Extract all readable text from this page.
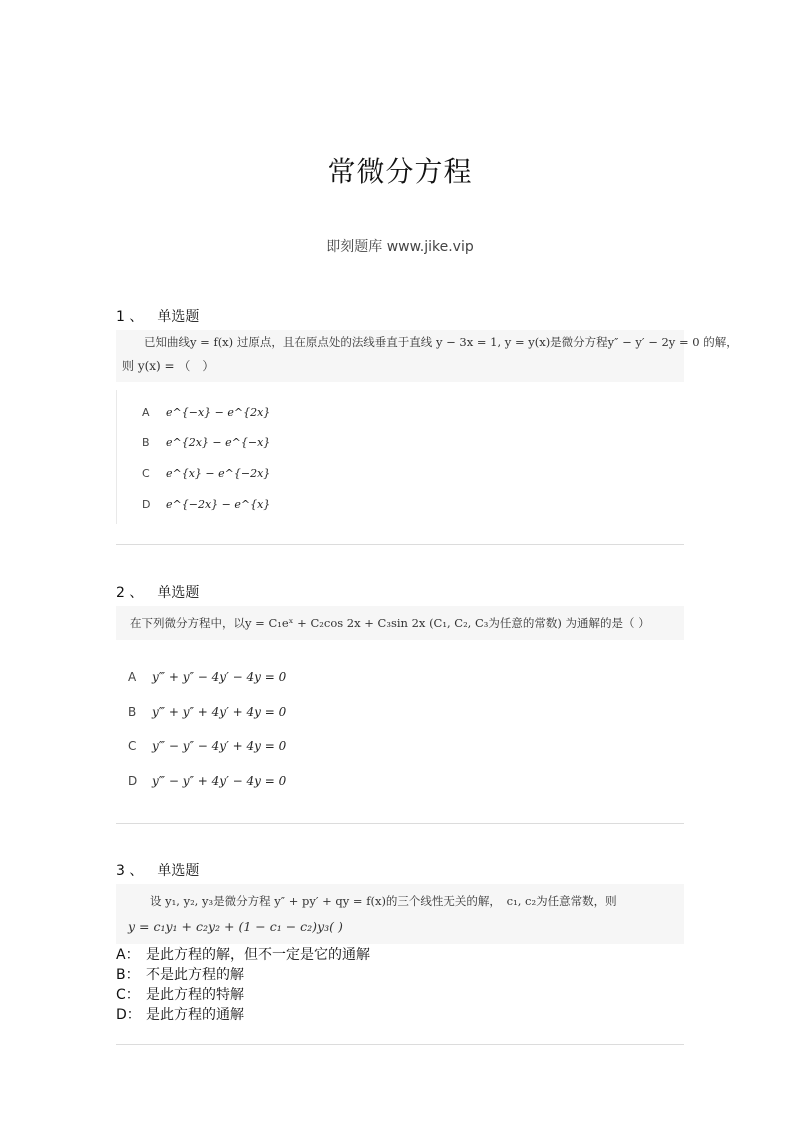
常微分方程
即刻题库 www.jike.vip
1 、 单选题
已知曲线y = f(x) 过原点，且在原点处的法线垂直于直线 y − 3x = 1, y = y(x)是微分方程y″ − y′ − 2y = 0 的解，
则 y(x) = （　）
A e^{−x} − e^{2x}
B e^{2x} − e^{−x}
C e^{x} − e^{−2x}
D e^{−2x} − e^{x}
2 、 单选题
在下列微分方程中，以y = C₁eˣ + C₂cos 2x + C₃sin 2x (C₁, C₂, C₃为任意的常数) 为通解的是（ ）
A y‴ + y″ − 4y′ − 4y = 0
B y‴ + y″ + 4y′ + 4y = 0
C y‴ − y″ − 4y′ + 4y = 0
D y‴ − y″ + 4y′ − 4y = 0
3 、 单选题
设 y₁, y₂, y₃是微分方程 y″ + py′ + qy = f(x)的三个线性无关的解，　c₁, c₂为任意常数，则
y = c₁y₁ + c₂y₂ + (1 − c₁ − c₂)y₃( )
A： 是此方程的解，但不一定是它的通解
B： 不是此方程的解
C： 是此方程的特解
D： 是此方程的通解
